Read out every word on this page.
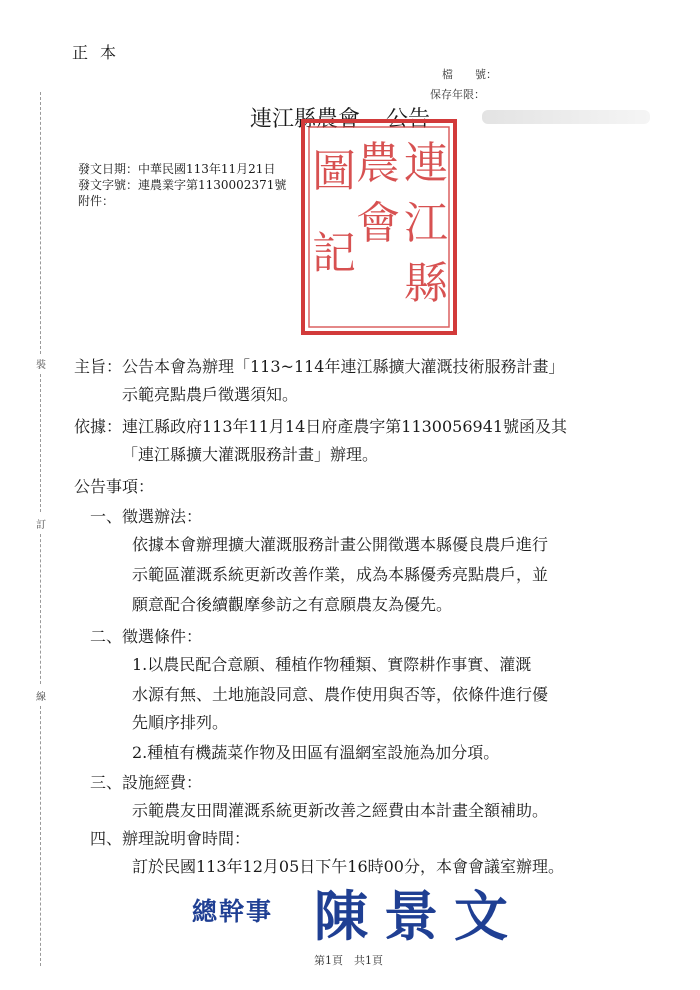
正本
檔　　號：
保存年限：
連江縣農會 公告
連
江
縣
農
會
圖
記
發文日期：中華民國113年11月21日
發文字號：連農業字第1130002371號
附件：
裝
訂
線
主旨：公告本會為辦理「113~114年連江縣擴大灌溉技術服務計畫」
示範亮點農戶徵選須知。
依據：連江縣政府113年11月14日府產農字第1130056941號函及其
「連江縣擴大灌溉服務計畫」辦理。
公告事項：
一、徵選辦法：
依據本會辦理擴大灌溉服務計畫公開徵選本縣優良農戶進行
示範區灌溉系統更新改善作業，成為本縣優秀亮點農戶，並
願意配合後續觀摩參訪之有意願農友為優先。
二、徵選條件：
1.以農民配合意願、種植作物種類、實際耕作事實、灌溉
水源有無、土地施設同意、農作使用與否等，依條件進行優
先順序排列。
2.種植有機蔬菜作物及田區有溫網室設施為加分項。
三、設施經費：
示範農友田間灌溉系統更新改善之經費由本計畫全額補助。
四、辦理說明會時間：
訂於民國113年12月05日下午16時00分，本會會議室辦理。
總幹事 陳景文
第1頁　共1頁
